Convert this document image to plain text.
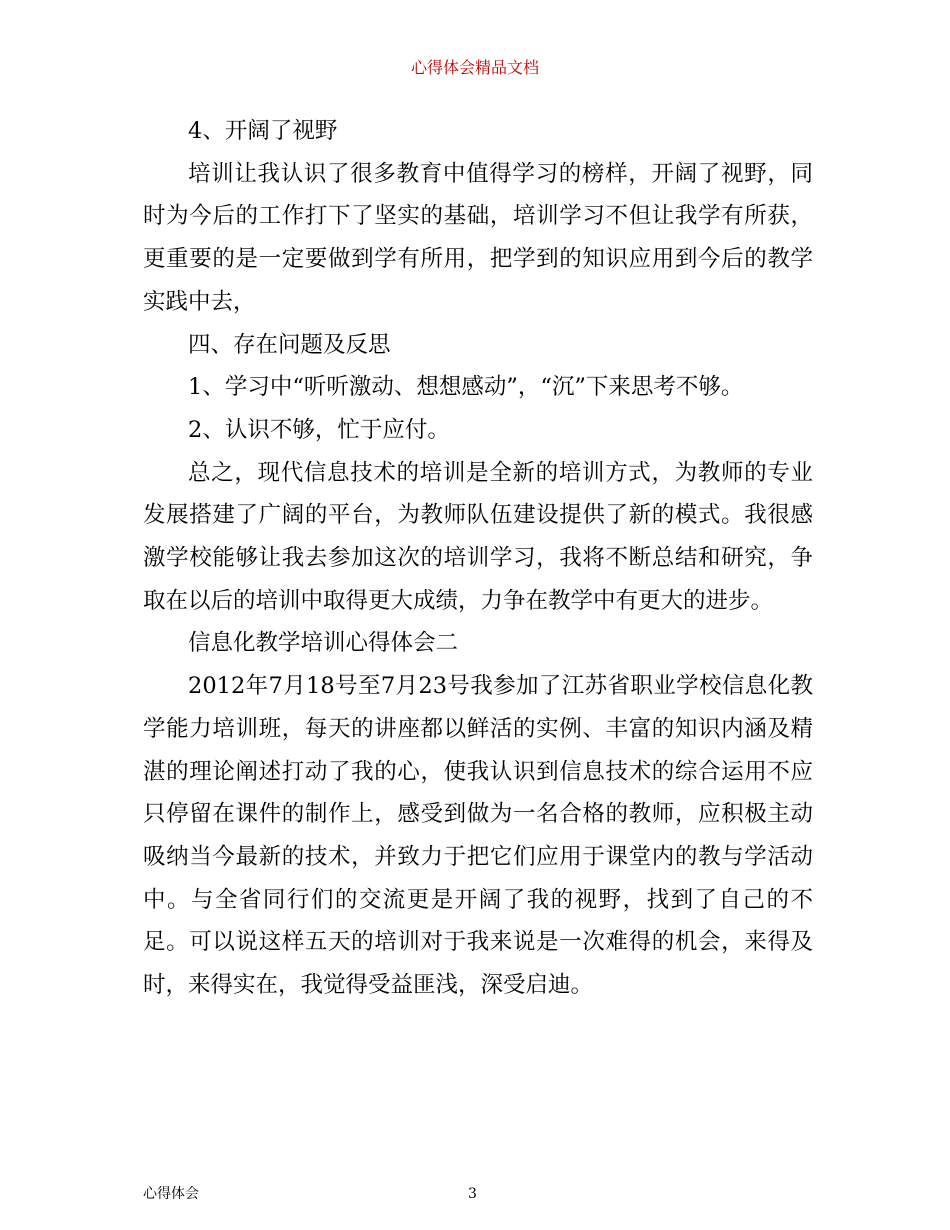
心得体会精品文档

4、开阔了视野

培训让我认识了很多教育中值得学习的榜样，开阔了视野，同时为今后的工作打下了坚实的基础，培训学习不但让我学有所获，更重要的是一定要做到学有所用，把学到的知识应用到今后的教学实践中去，

四、存在问题及反思

1、学习中“听听激动、想想感动”，“沉”下来思考不够。

2、认识不够，忙于应付。

总之，现代信息技术的培训是全新的培训方式，为教师的专业发展搭建了广阔的平台，为教师队伍建设提供了新的模式。我很感激学校能够让我去参加这次的培训学习，我将不断总结和研究，争取在以后的培训中取得更大成绩，力争在教学中有更大的进步。

信息化教学培训心得体会二

2012年7月18号至7月23号我参加了江苏省职业学校信息化教学能力培训班，每天的讲座都以鲜活的实例、丰富的知识内涵及精湛的理论阐述打动了我的心，使我认识到信息技术的综合运用不应只停留在课件的制作上，感受到做为一名合格的教师，应积极主动吸纳当今最新的技术，并致力于把它们应用于课堂内的教与学活动中。与全省同行们的交流更是开阔了我的视野，找到了自己的不足。可以说这样五天的培训对于我来说是一次难得的机会，来得及时，来得实在，我觉得受益匪浅，深受启迪。

心得体会	3
